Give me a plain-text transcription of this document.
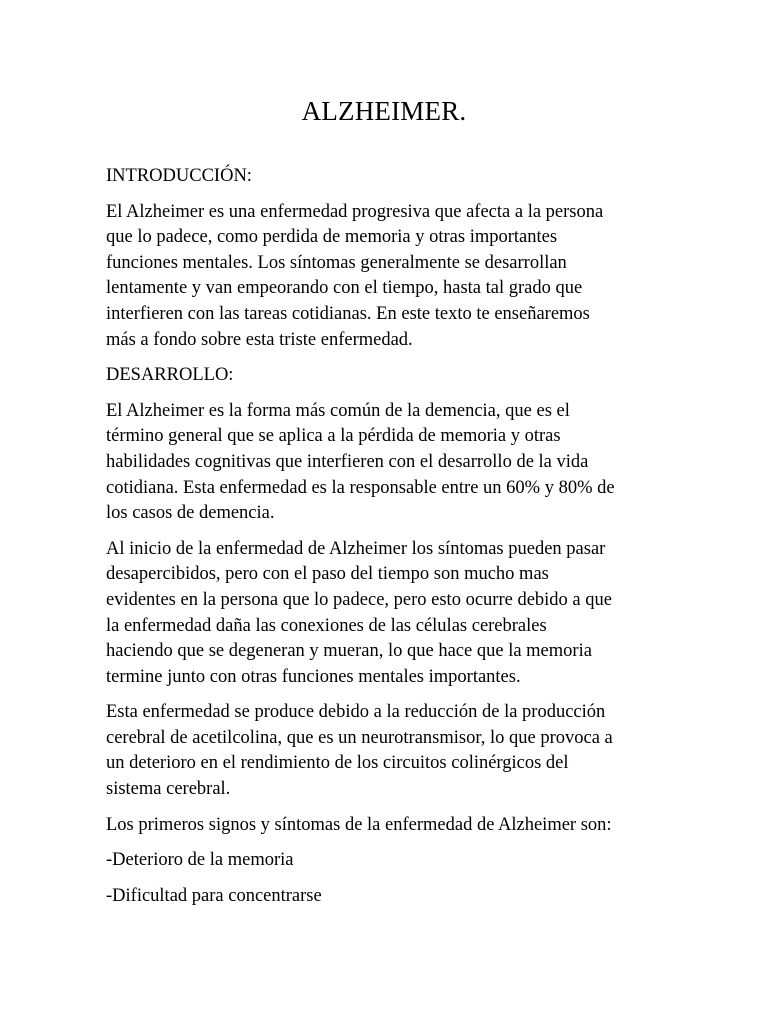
ALZHEIMER.
INTRODUCCIÓN:
El Alzheimer es una enfermedad progresiva que afecta a la persona
que lo padece, como perdida de memoria y otras importantes
funciones mentales. Los síntomas generalmente se desarrollan
lentamente y van empeorando con el tiempo, hasta tal grado que
interfieren con las tareas cotidianas. En este texto te enseñaremos
más a fondo sobre esta triste enfermedad.
DESARROLLO:
El Alzheimer es la forma más común de la demencia, que es el
término general que se aplica a la pérdida de memoria y otras
habilidades cognitivas que interfieren con el desarrollo de la vida
cotidiana. Esta enfermedad es la responsable entre un 60% y 80% de
los casos de demencia.
Al inicio de la enfermedad de Alzheimer los síntomas pueden pasar
desapercibidos, pero con el paso del tiempo son mucho mas
evidentes en la persona que lo padece, pero esto ocurre debido a que
la enfermedad daña las conexiones de las células cerebrales
haciendo que se degeneran y mueran, lo que hace que la memoria
termine junto con otras funciones mentales importantes.
Esta enfermedad se produce debido a la reducción de la producción
cerebral de acetilcolina, que es un neurotransmisor, lo que provoca a
un deterioro en el rendimiento de los circuitos colinérgicos del
sistema cerebral.
Los primeros signos y síntomas de la enfermedad de Alzheimer son:
-Deterioro de la memoria
-Dificultad para concentrarse
